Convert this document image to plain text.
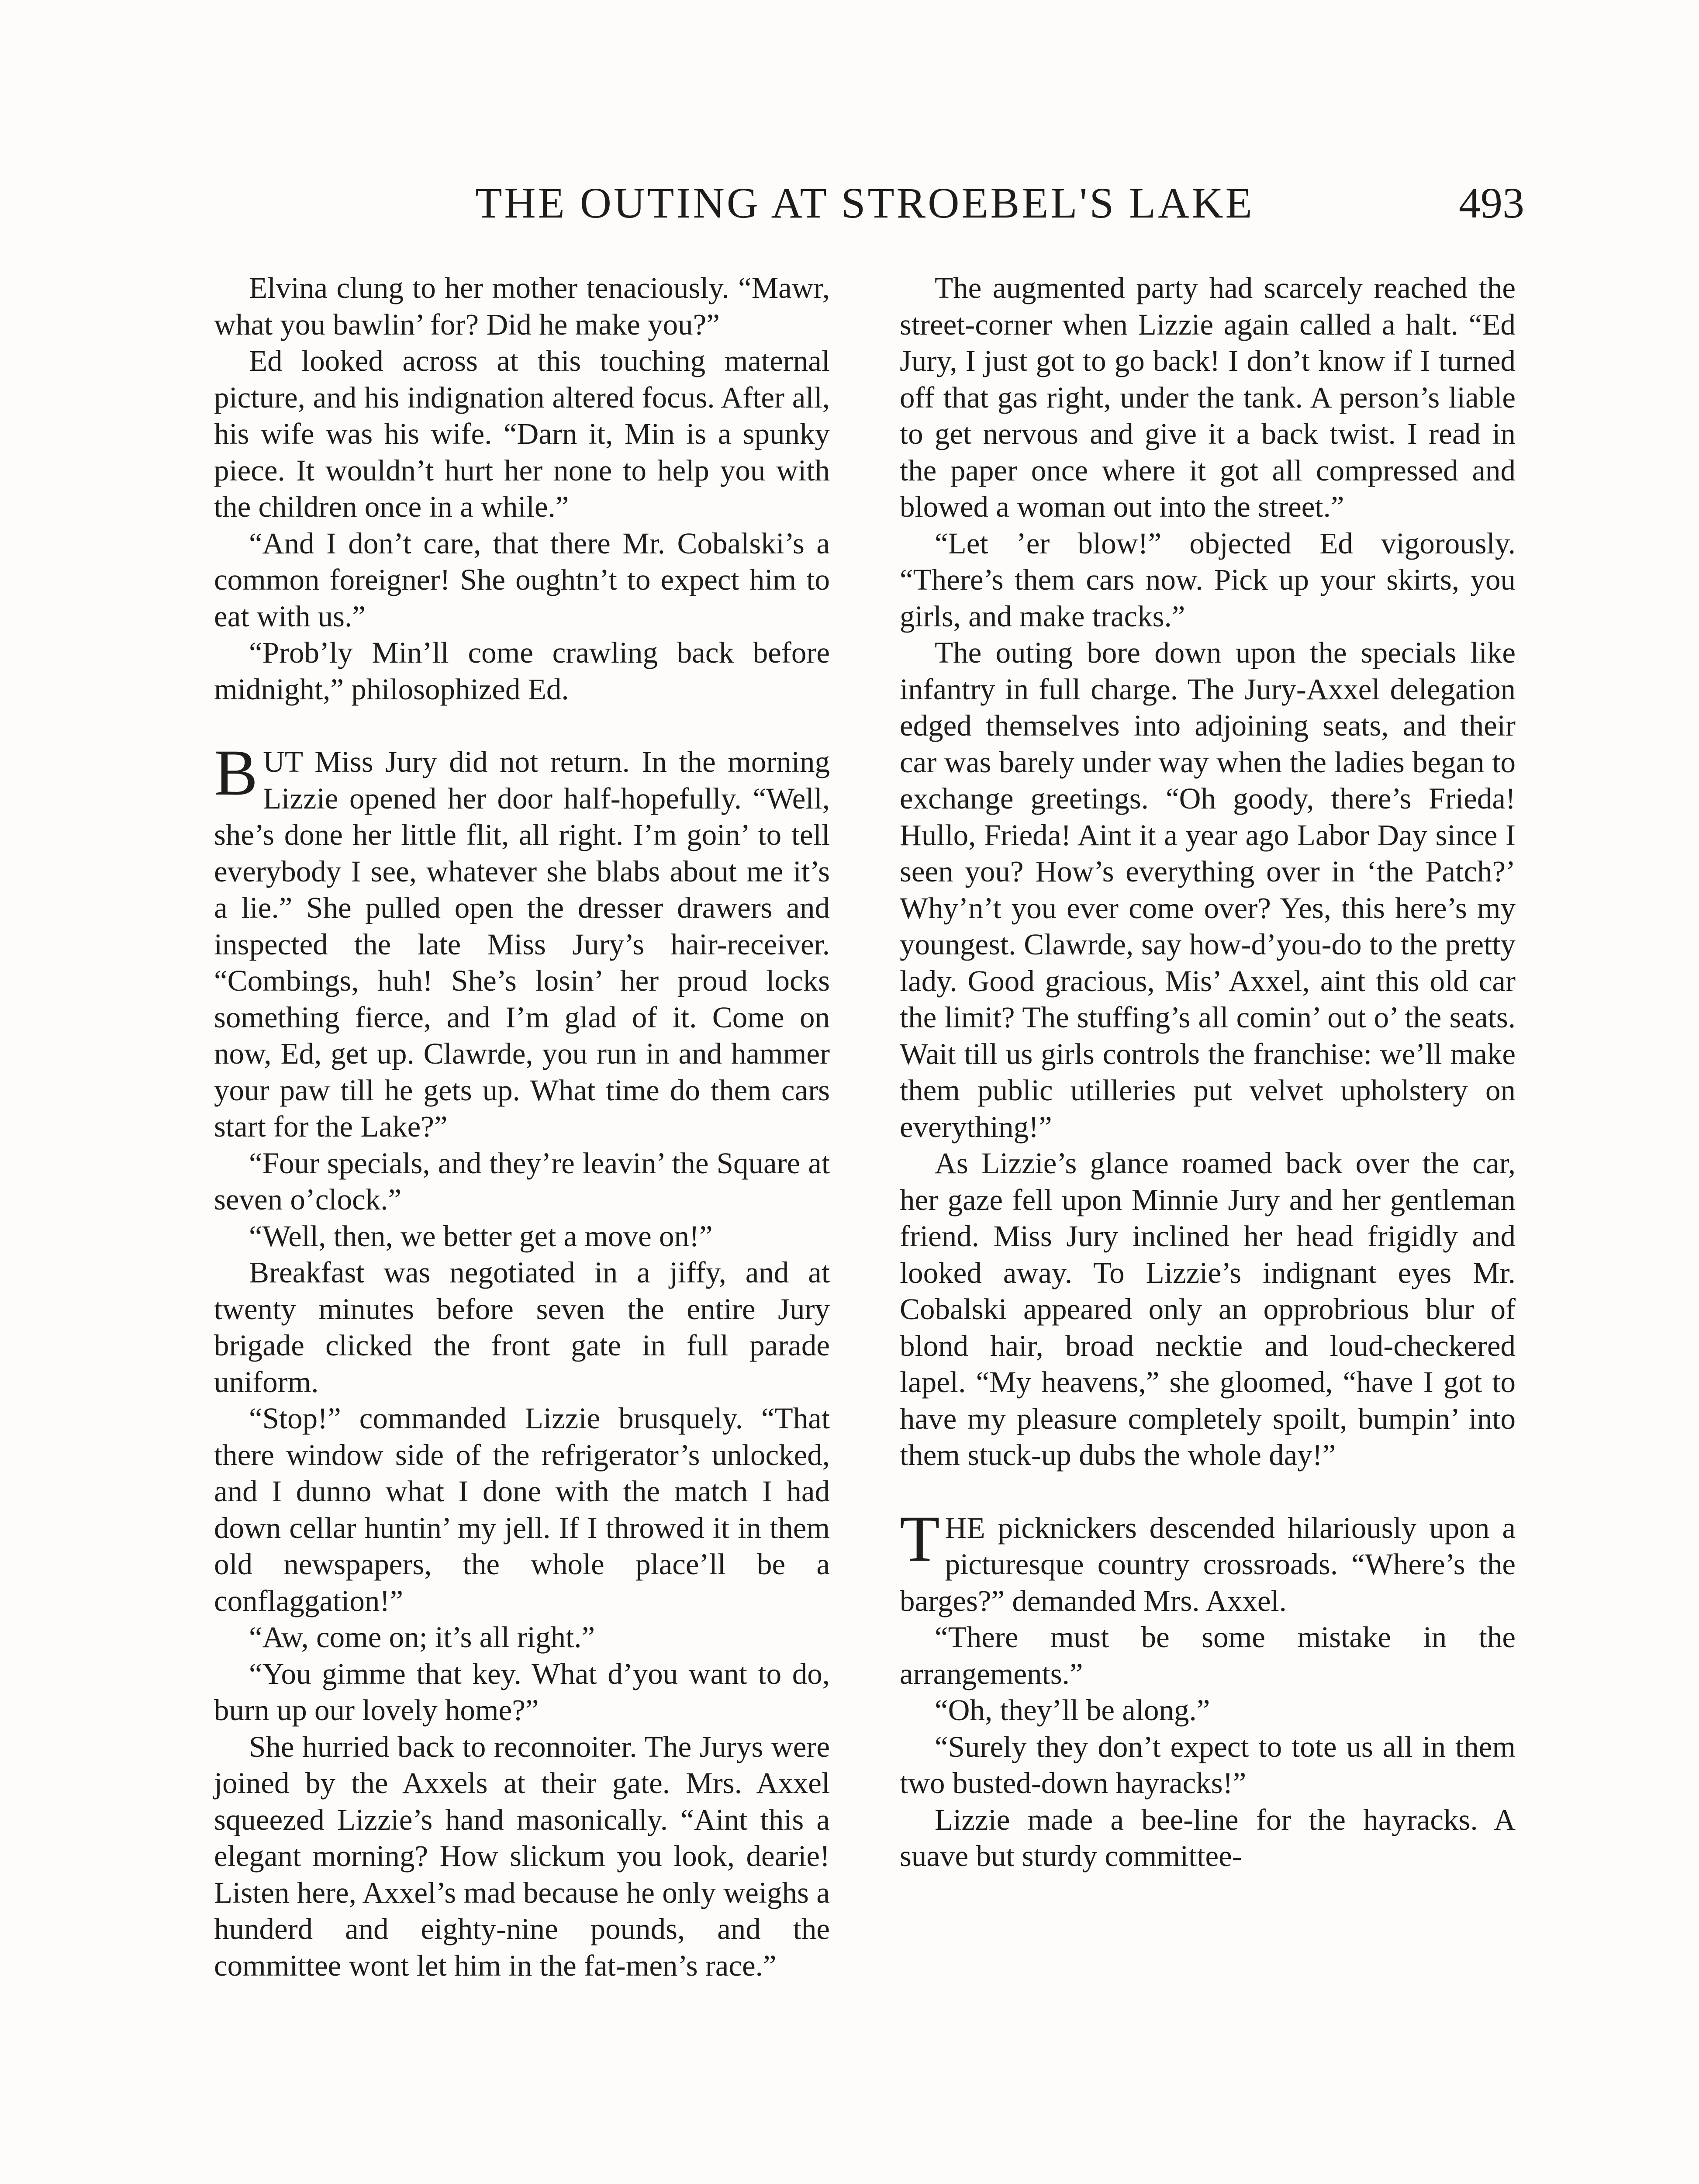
THE OUTING AT STROEBEL'S LAKE	493

Elvina clung to her mother tenaciously. “Mawr, what you bawlin’ for? Did he make you?”

Ed looked across at this touching maternal picture, and his indignation altered focus. After all, his wife was his wife. “Darn it, Min is a spunky piece. It wouldn’t hurt her none to help you with the children once in a while.”

“And I don’t care, that there Mr. Cobalski’s a common foreigner! She oughtn’t to expect him to eat with us.”

“Prob’ly Min’ll come crawling back before midnight,” philosophized Ed.

BUT Miss Jury did not return. In the morning Lizzie opened her door half-hopefully. “Well, she’s done her little flit, all right. I’m goin’ to tell everybody I see, whatever she blabs about me it’s a lie.” She pulled open the dresser drawers and inspected the late Miss Jury’s hair-receiver. “Combings, huh! She’s losin’ her proud locks something fierce, and I’m glad of it. Come on now, Ed, get up. Clawrde, you run in and hammer your paw till he gets up. What time do them cars start for the Lake?”

“Four specials, and they’re leavin’ the Square at seven o’clock.”

“Well, then, we better get a move on!”

Breakfast was negotiated in a jiffy, and at twenty minutes before seven the entire Jury brigade clicked the front gate in full parade uniform.

“Stop!” commanded Lizzie brusquely. “That there window side of the refrigerator’s unlocked, and I dunno what I done with the match I had down cellar huntin’ my jell. If I throwed it in them old newspapers, the whole place’ll be a conflaggation!”

“Aw, come on; it’s all right.”

“You gimme that key. What d’you want to do, burn up our lovely home?”

She hurried back to reconnoiter. The Jurys were joined by the Axxels at their gate. Mrs. Axxel squeezed Lizzie’s hand masonically. “Aint this a elegant morning? How slickum you look, dearie! Listen here, Axxel’s mad because he only weighs a hunderd and eighty-nine pounds, and the committee wont let him in the fat-men’s race.”

The augmented party had scarcely reached the street-corner when Lizzie again called a halt. “Ed Jury, I just got to go back! I don’t know if I turned off that gas right, under the tank. A person’s liable to get nervous and give it a back twist. I read in the paper once where it got all compressed and blowed a woman out into the street.”

“Let ’er blow!” objected Ed vigorously. “There’s them cars now. Pick up your skirts, you girls, and make tracks.”

The outing bore down upon the specials like infantry in full charge. The Jury-Axxel delegation edged themselves into adjoining seats, and their car was barely under way when the ladies began to exchange greetings. “Oh goody, there’s Frieda! Hullo, Frieda! Aint it a year ago Labor Day since I seen you? How’s everything over in ‘the Patch?’ Why’n’t you ever come over? Yes, this here’s my youngest. Clawrde, say how-d’you-do to the pretty lady. Good gracious, Mis’ Axxel, aint this old car the limit? The stuffing’s all comin’ out o’ the seats. Wait till us girls controls the franchise: we’ll make them public utilleries put velvet upholstery on everything!”

As Lizzie’s glance roamed back over the car, her gaze fell upon Minnie Jury and her gentleman friend. Miss Jury inclined her head frigidly and looked away. To Lizzie’s indignant eyes Mr. Cobalski appeared only an opprobrious blur of blond hair, broad necktie and loud-checkered lapel. “My heavens,” she gloomed, “have I got to have my pleasure completely spoilt, bumpin’ into them stuck-up dubs the whole day!”

THE picknickers descended hilariously upon a picturesque country crossroads. “Where’s the barges?” demanded Mrs. Axxel.

“There must be some mistake in the arrangements.”

“Oh, they’ll be along.”

“Surely they don’t expect to tote us all in them two busted-down hayracks!”

Lizzie made a bee-line for the hayracks. A suave but sturdy committee-
